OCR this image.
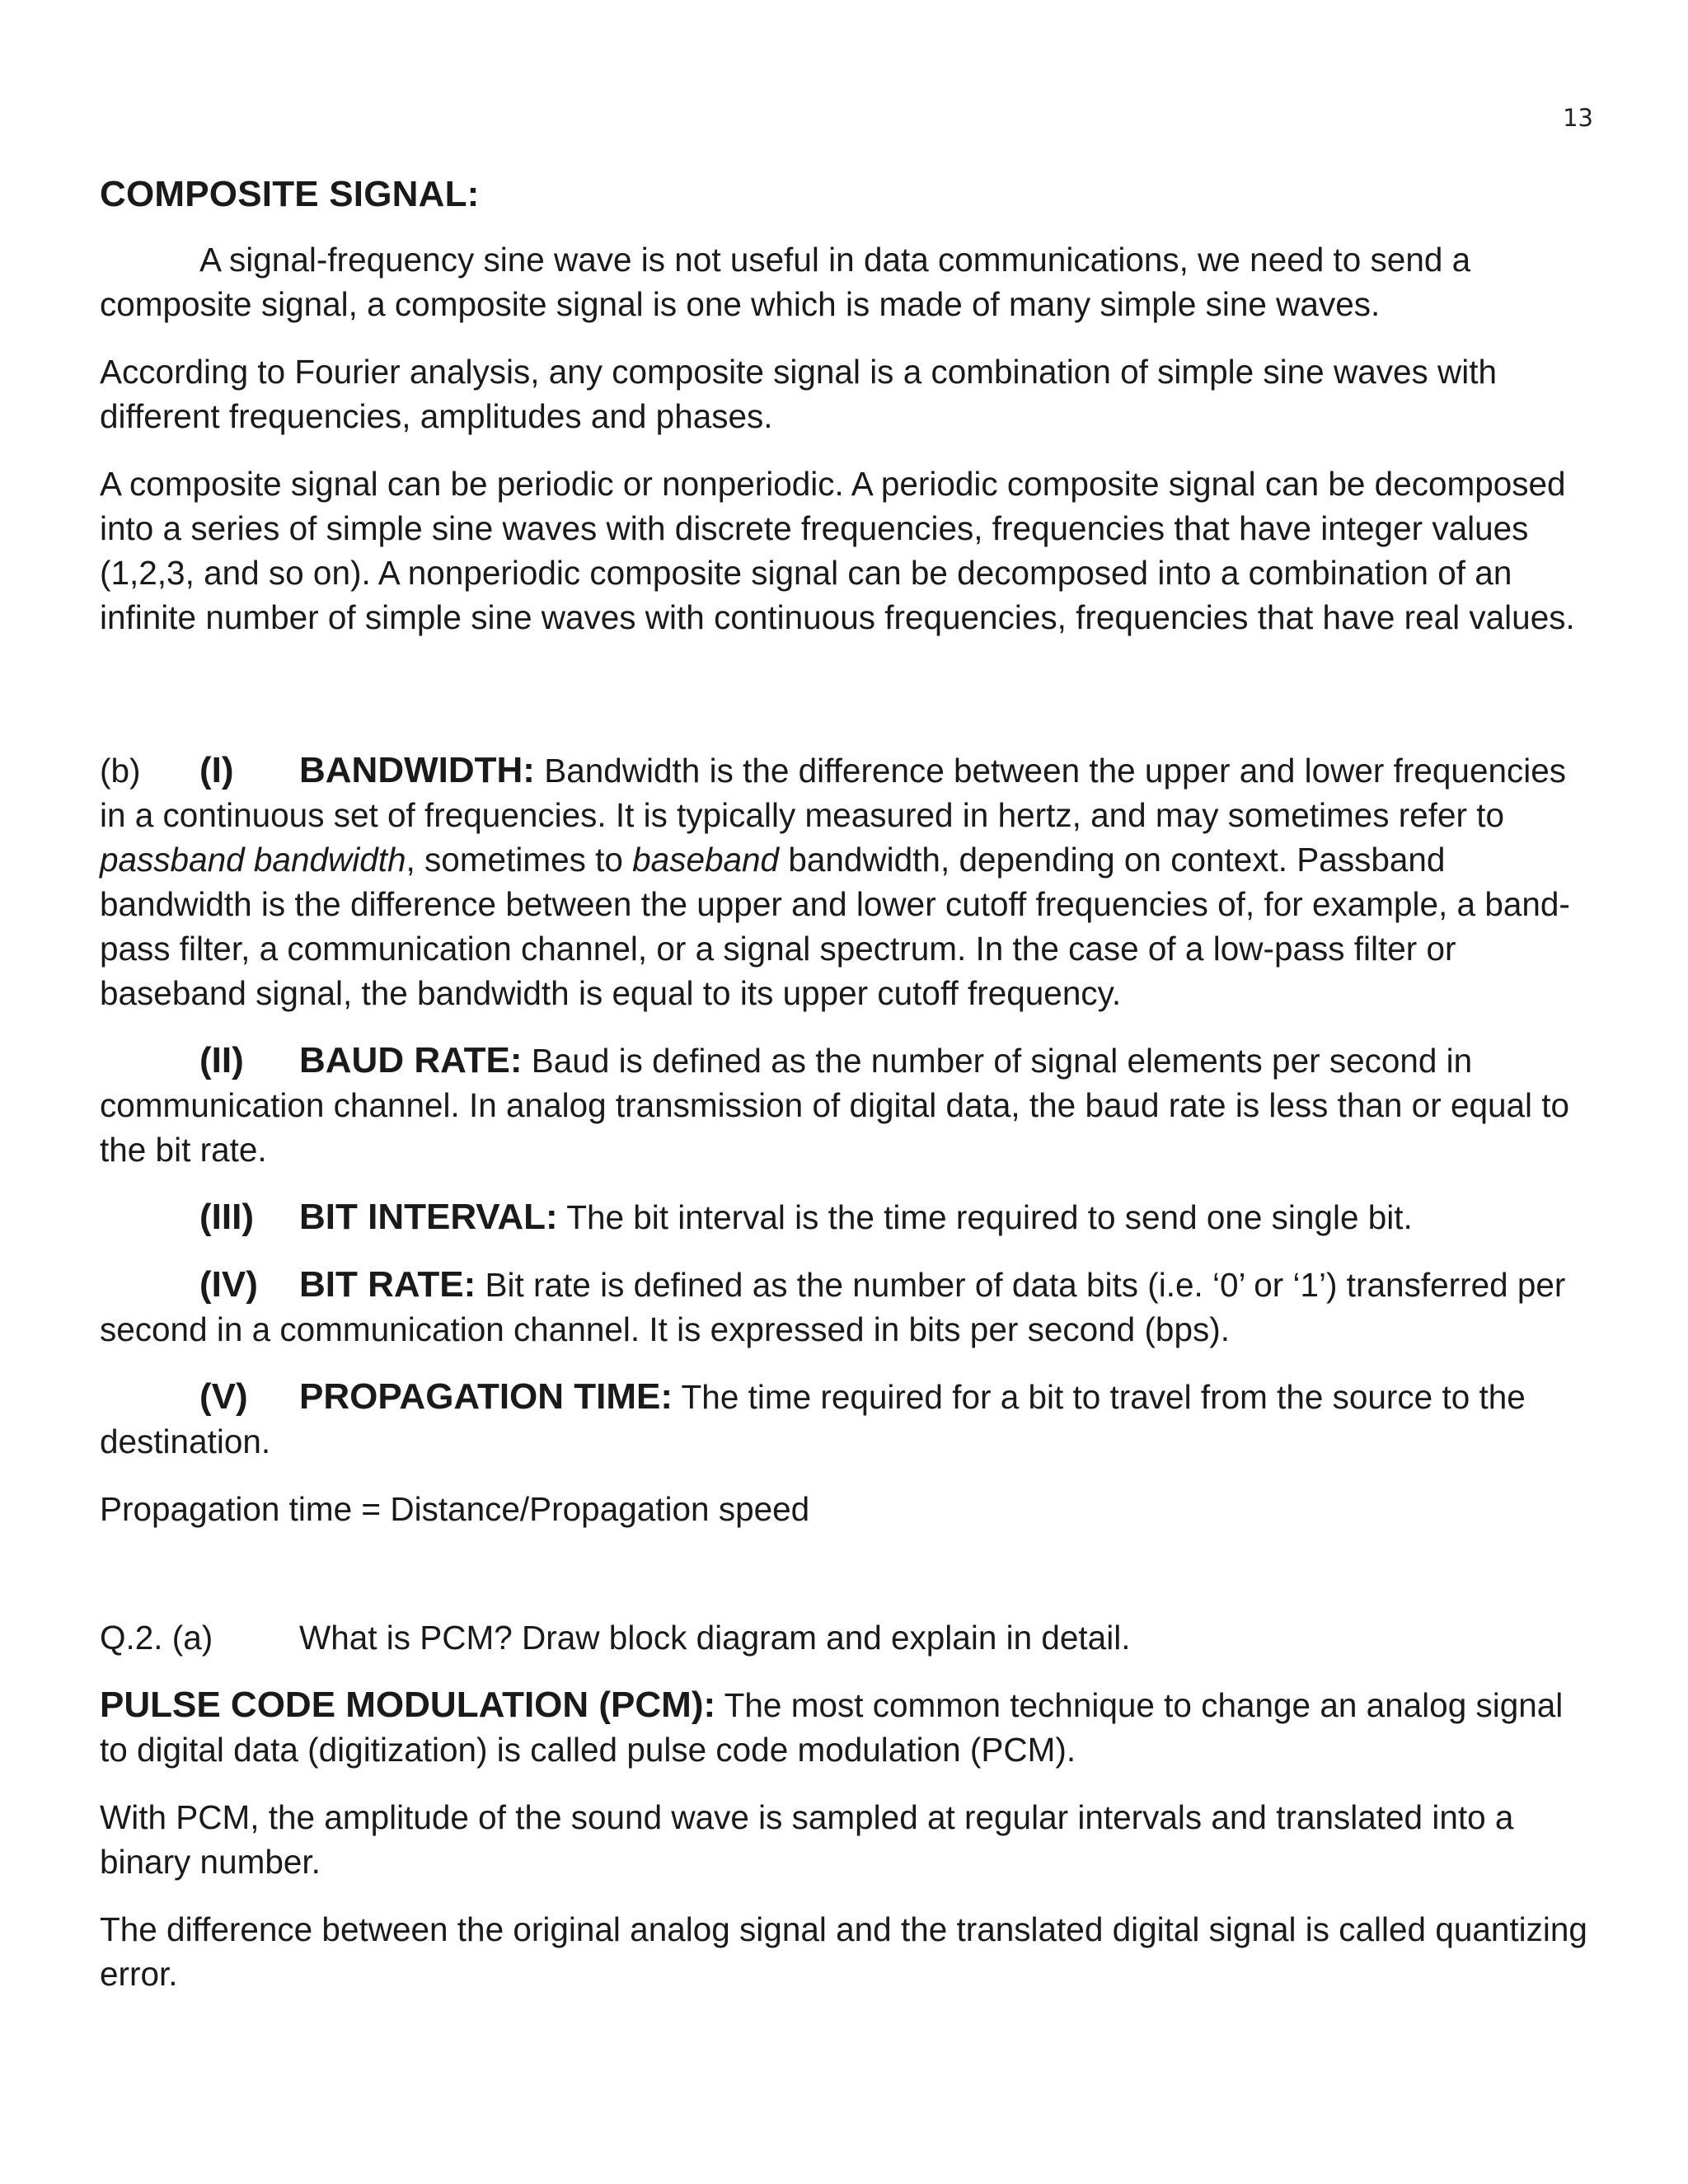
13
COMPOSITE SIGNAL:

A signal-frequency sine wave is not useful in data communications, we need to send a composite signal, a composite signal is one which is made of many simple sine waves.

According to Fourier analysis, any composite signal is a combination of simple sine waves with different frequencies, amplitudes and phases.

A composite signal can be periodic or nonperiodic. A periodic composite signal can be decomposed into a series of simple sine waves with discrete frequencies, frequencies that have integer values (1,2,3, and so on). A nonperiodic composite signal can be decomposed into a combination of an infinite number of simple sine waves with continuous frequencies, frequencies that have real values.

(b) (I) BANDWIDTH: Bandwidth is the difference between the upper and lower frequencies in a continuous set of frequencies. It is typically measured in hertz, and may sometimes refer to passband bandwidth, sometimes to baseband bandwidth, depending on context. Passband bandwidth is the difference between the upper and lower cutoff frequencies of, for example, a band-pass filter, a communication channel, or a signal spectrum. In the case of a low-pass filter or baseband signal, the bandwidth is equal to its upper cutoff frequency.

(II) BAUD RATE: Baud is defined as the number of signal elements per second in communication channel. In analog transmission of digital data, the baud rate is less than or equal to the bit rate.

(III) BIT INTERVAL: The bit interval is the time required to send one single bit.

(IV) BIT RATE: Bit rate is defined as the number of data bits (i.e. ‘0’ or ‘1’) transferred per second in a communication channel. It is expressed in bits per second (bps).

(V) PROPAGATION TIME: The time required for a bit to travel from the source to the destination.

Propagation time = Distance/Propagation speed

Q.2. (a)	What is PCM? Draw block diagram and explain in detail.

PULSE CODE MODULATION (PCM): The most common technique to change an analog signal to digital data (digitization) is called pulse code modulation (PCM).

With PCM, the amplitude of the sound wave is sampled at regular intervals and translated into a binary number.

The difference between the original analog signal and the translated digital signal is called quantizing error.
